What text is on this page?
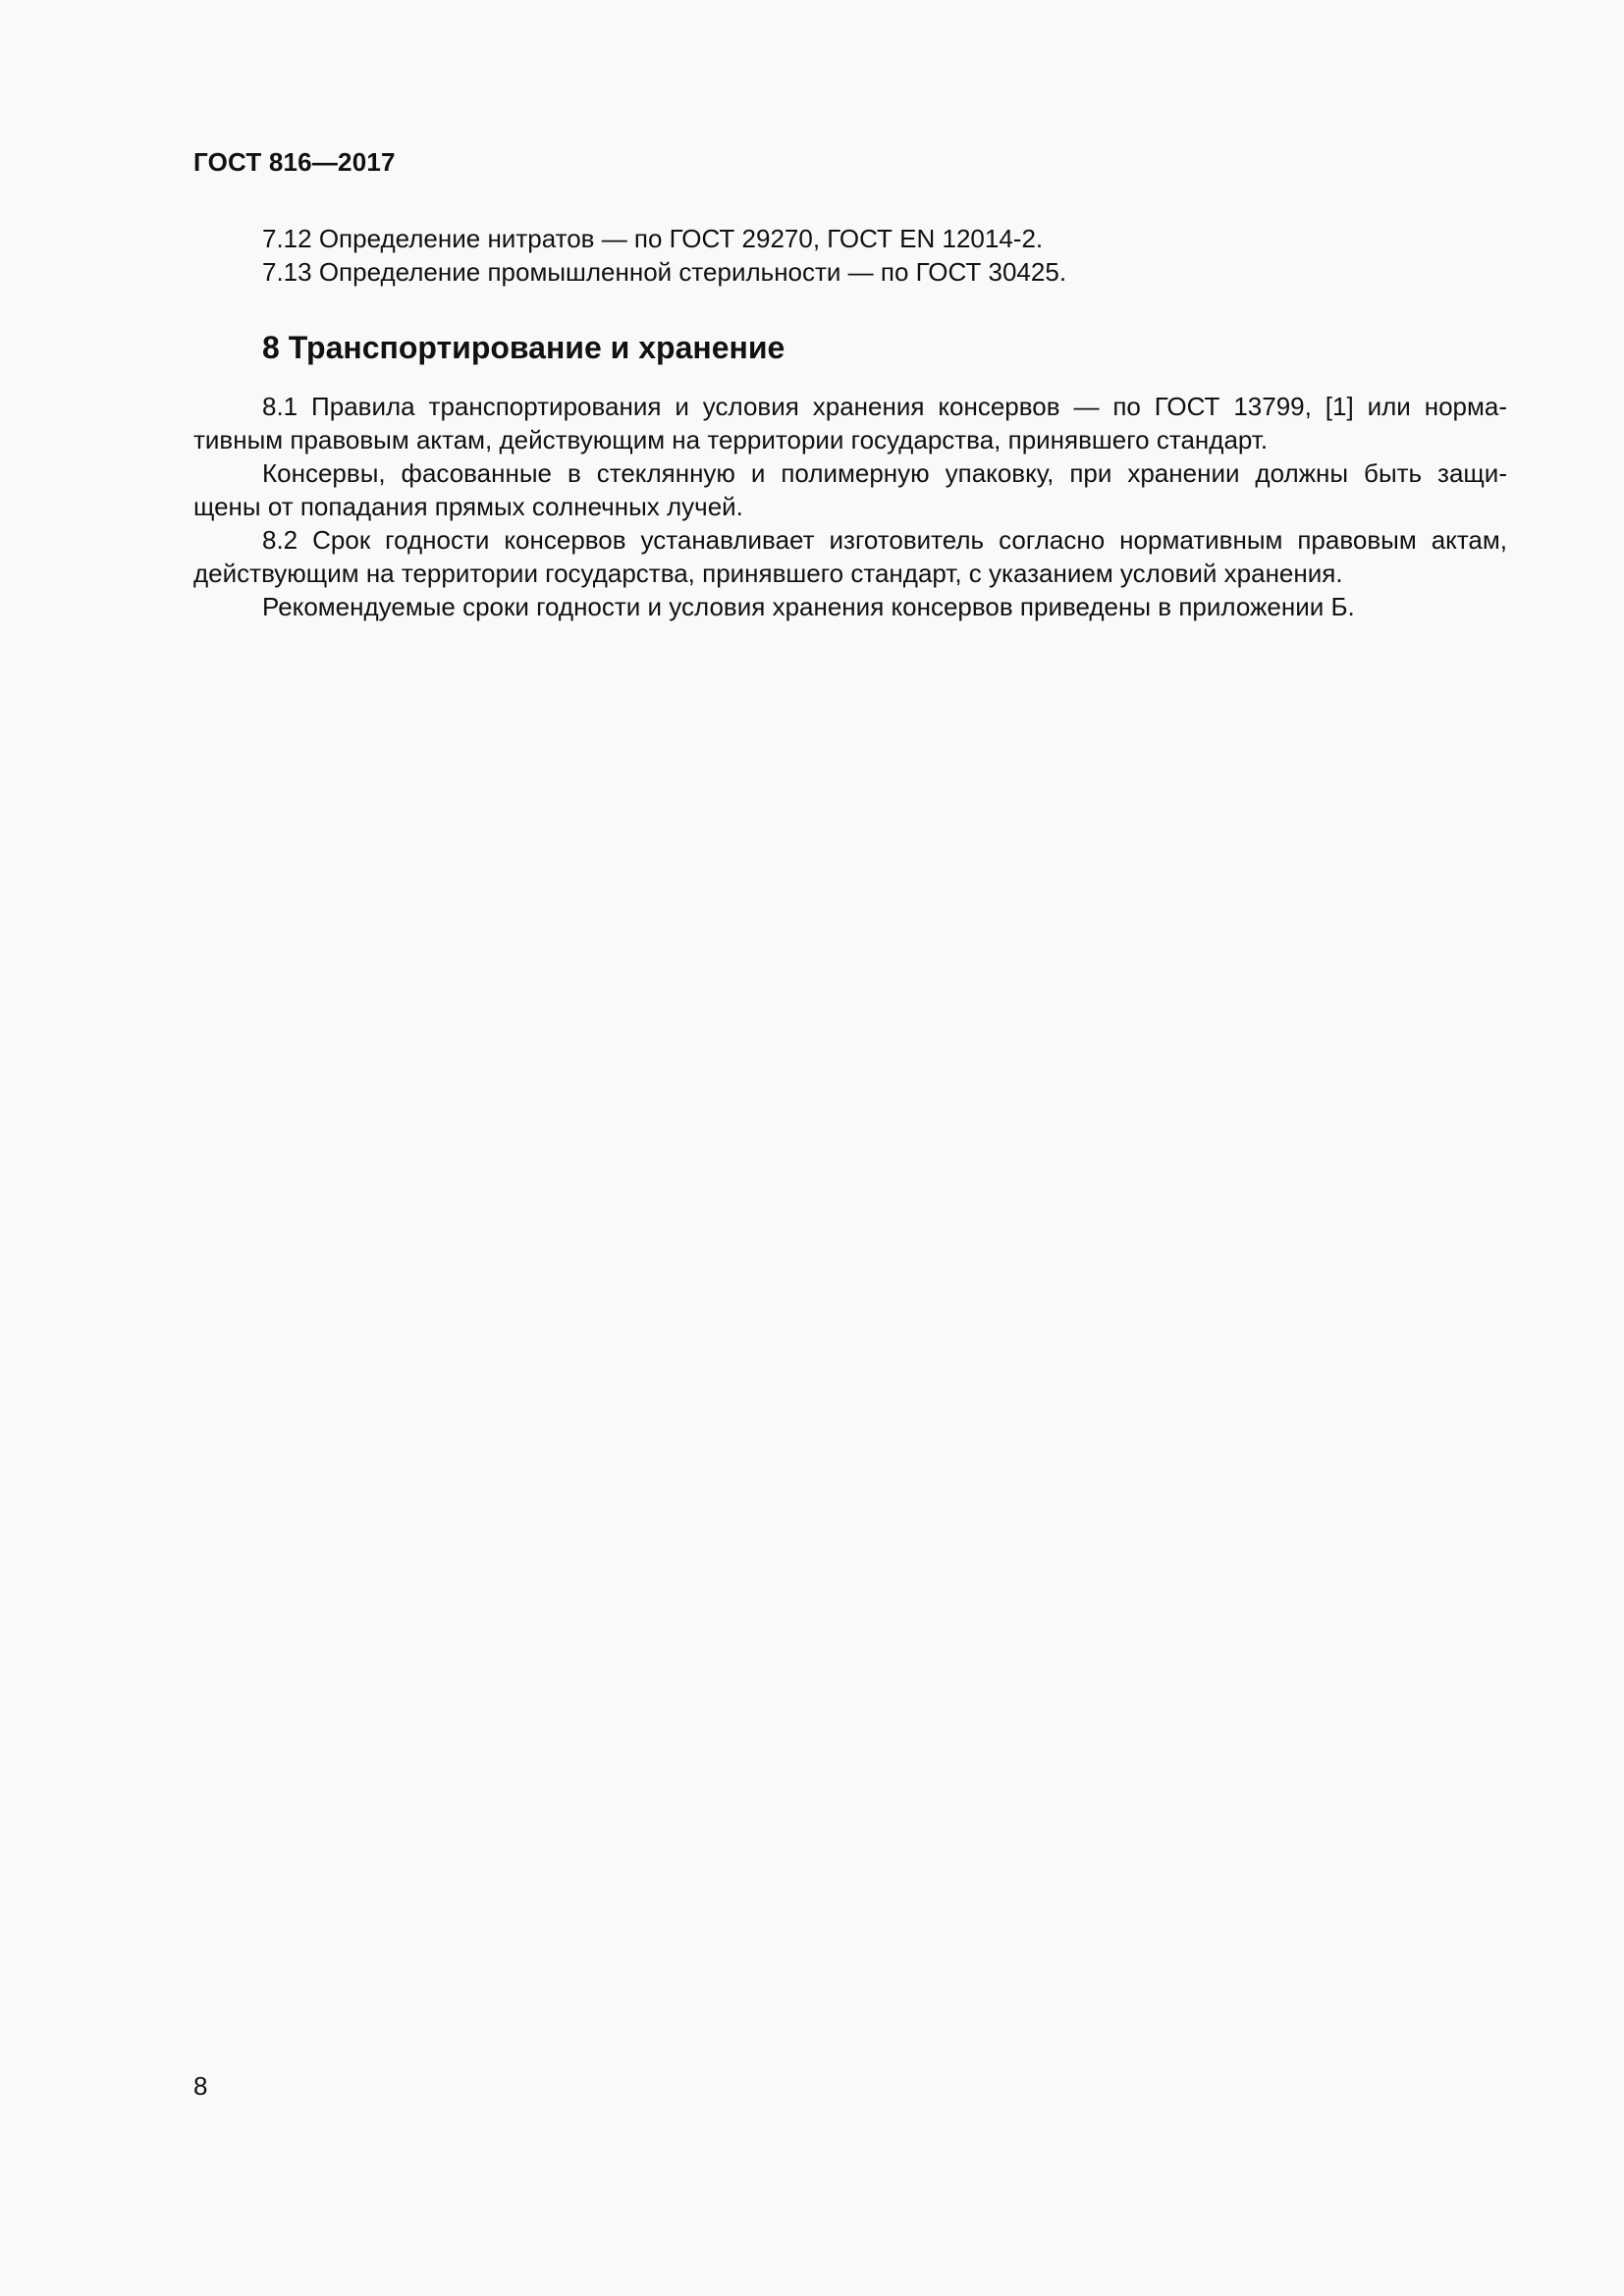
ГОСТ 816—2017
7.12 Определение нитратов — по ГОСТ 29270, ГОСТ EN 12014-2.
7.13 Определение промышленной стерильности — по ГОСТ 30425.
8 Транспортирование и хранение

8.1 Правила транспортирования и условия хранения консервов — по ГОСТ 13799, [1] или норма-
тивным правовым актам, действующим на территории государства, принявшего стандарт.

Консервы, фасованные в стеклянную и полимерную упаковку, при хранении должны быть защи-
щены от попадания прямых солнечных лучей.

8.2 Срок годности консервов устанавливает изготовитель согласно нормативным правовым актам,
действующим на территории государства, принявшего стандарт, с указанием условий хранения.

Рекомендуемые сроки годности и условия хранения консервов приведены в приложении Б.

8
